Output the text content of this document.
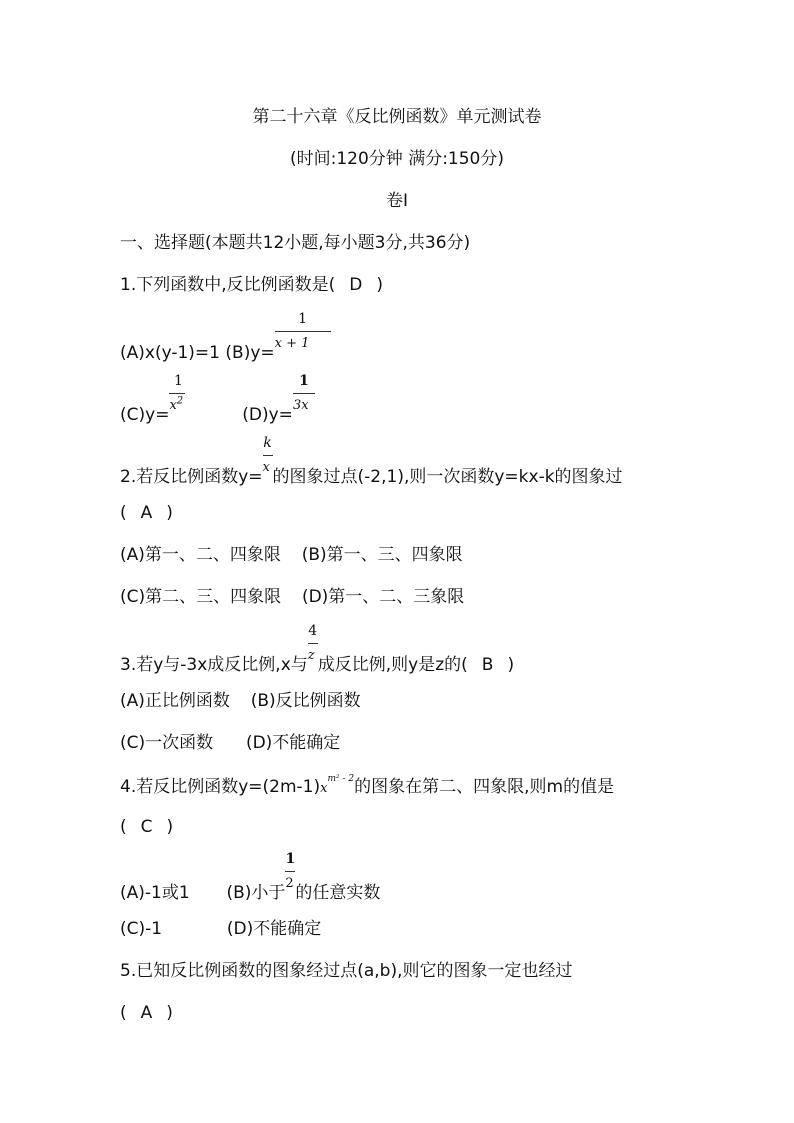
第二十六章《反比例函数》单元测试卷
(时间:120分钟 满分:150分)
卷Ⅰ
一、选择题(本题共12小题,每小题3分,共36分)
1.下列函数中,反比例函数是( D )
(A)x(y-1)=1 $(B)y= \frac{1}{x + 1}$
$(C)y= \frac{1}{x^2}$	$(D)y= \frac{1}{3x}$
2.若反比例函数$y= \frac{k}{x}$ 的图象过点(-2,1),则一次函数y=kx-k的图象过
( A )
(A)第一、二、四象限 (B)第一、三、四象限
(C)第二、三、四象限 (D)第一、二、三象限
3.若y与-3x成反比例,x与 $\frac{4}{z}$ 成反比例,则y是z的( B )
(A)正比例函数 (B)反比例函数
(C)一次函数 (D)不能确定
4.若反比例函数$y=(2m-1)x^{m^2 - 2}$的图象在第二、四象限,则m的值是
( C )
(A)-1或1 (B)小于 $\frac{1}{2}$ 的任意实数
(C)-1	(D)不能确定
5.已知反比例函数的图象经过点(a,b),则它的图象一定也经过
( A )
